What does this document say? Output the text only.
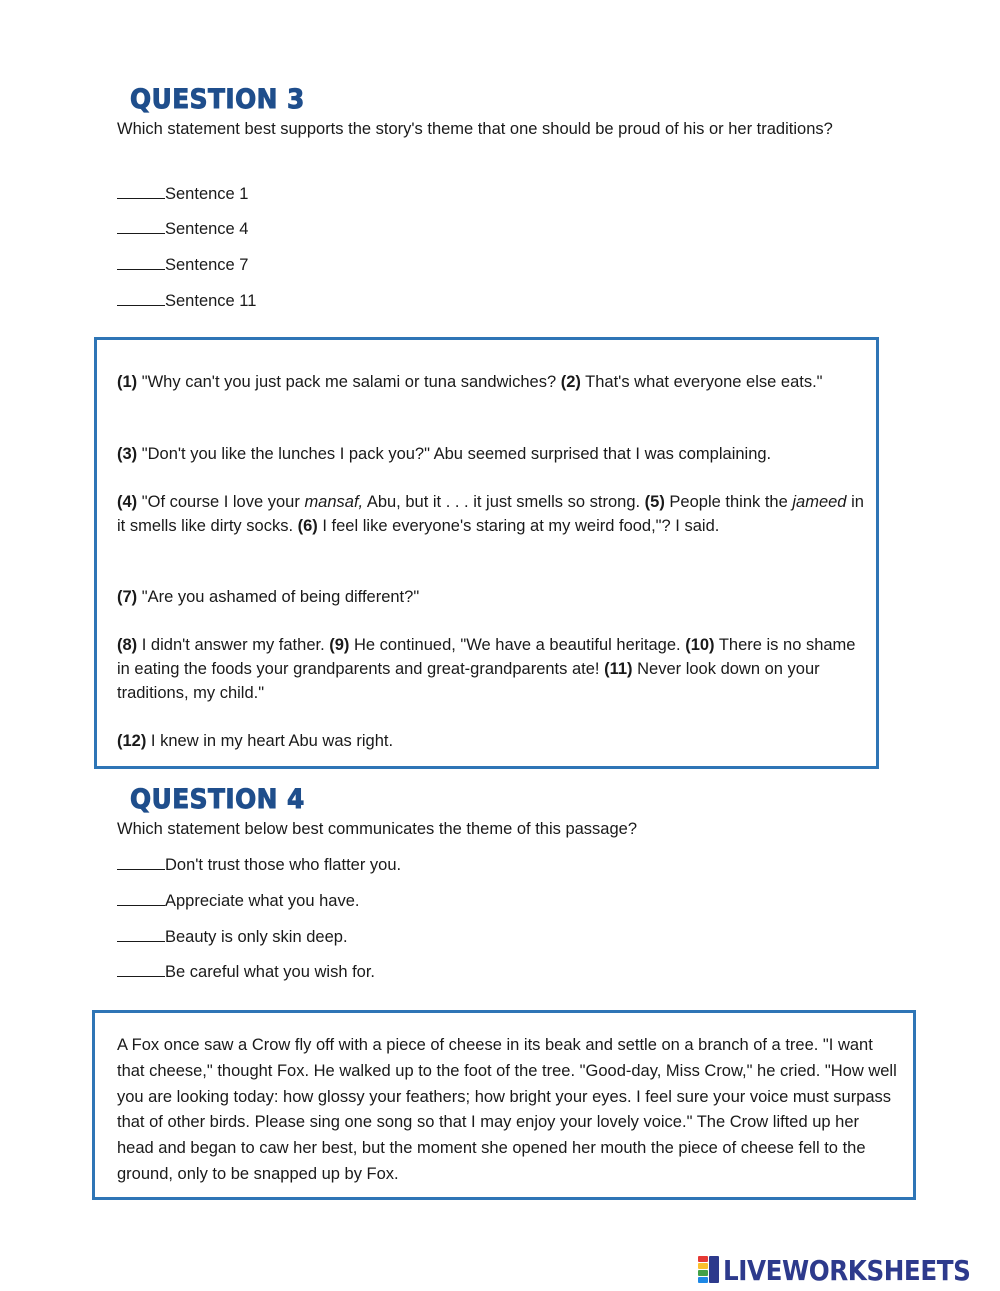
QUESTION 3

Which statement best supports the story's theme that one should be proud of his or her traditions?

Sentence 1
Sentence 4
Sentence 7
Sentence 11

(1) "Why can't you just pack me salami or tuna sandwiches? (2) That's what everyone else eats."

(3) "Don't you like the lunches I pack you?" Abu seemed surprised that I was complaining.

(4) "Of course I love your mansaf, Abu, but it . . . it just smells so strong. (5) People think the jameed in it smells like dirty socks. (6) I feel like everyone's staring at my weird food,"? I said.

(7) "Are you ashamed of being different?"

(8) I didn't answer my father. (9) He continued, "We have a beautiful heritage. (10) There is no shame in eating the foods your grandparents and great-grandparents ate! (11) Never look down on your traditions, my child."

(12) I knew in my heart Abu was right.

QUESTION 4

Which statement below best communicates the theme of this passage?

Don't trust those who flatter you.
Appreciate what you have.
Beauty is only skin deep.
Be careful what you wish for.

A Fox once saw a Crow fly off with a piece of cheese in its beak and settle on a branch of a tree. "I want that cheese," thought Fox. He walked up to the foot of the tree. "Good-day, Miss Crow," he cried. "How well you are looking today: how glossy your feathers; how bright your eyes. I feel sure your voice must surpass that of other birds. Please sing one song so that I may enjoy your lovely voice." The Crow lifted up her head and began to caw her best, but the moment she opened her mouth the piece of cheese fell to the ground, only to be snapped up by Fox.

LIVEWORKSHEETS
